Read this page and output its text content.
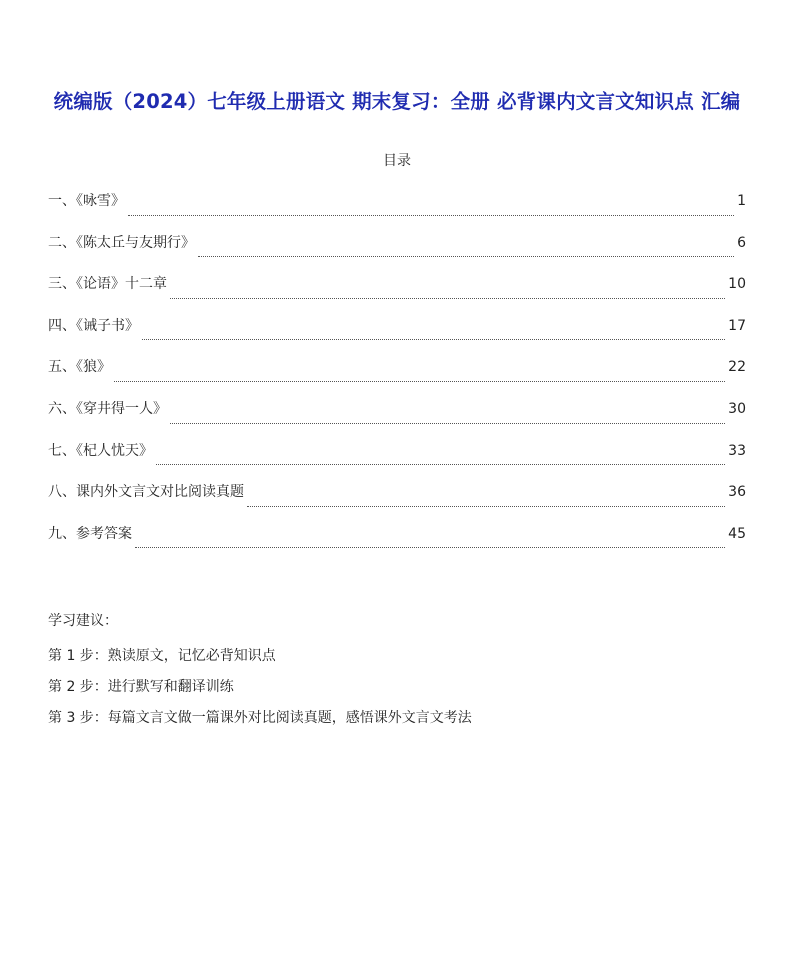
统编版（2024）七年级上册语文 期末复习：全册 必背课内文言文知识点 汇编
目录
一、《咏雪》	1
二、《陈太丘与友期行》	6
三、《论语》十二章	10
四、《诫子书》	17
五、《狼》	22
六、《穿井得一人》	30
七、《杞人忧天》	33
八、课内外文言文对比阅读真题	36
九、参考答案	45

学习建议：

第 1 步：熟读原文，记忆必背知识点

第 2 步：进行默写和翻译训练

第 3 步：每篇文言文做一篇课外对比阅读真题，感悟课外文言文考法
